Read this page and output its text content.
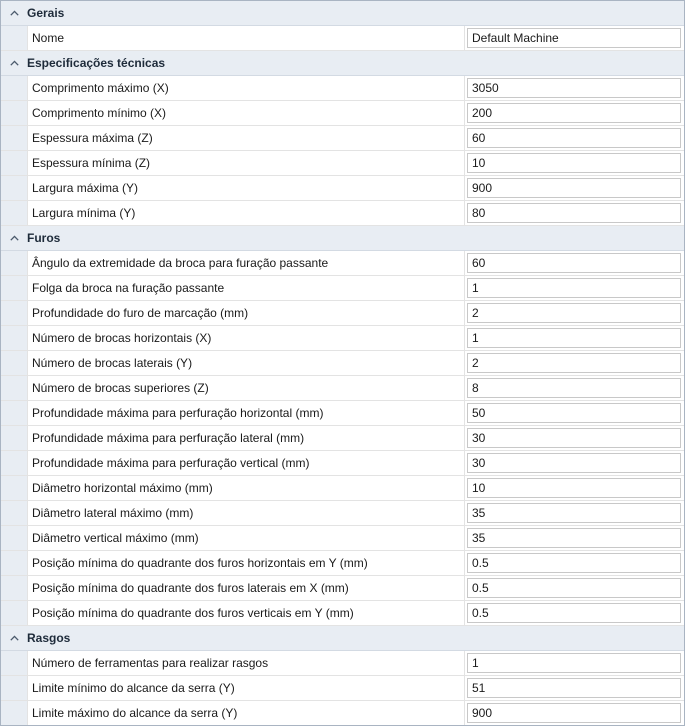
Gerais
Nome
Default Machine
Especificações técnicas
Comprimento máximo (X)
3050
Comprimento mínimo (X)
200
Espessura máxima (Z)
60
Espessura mínima (Z)
10
Largura máxima (Y)
900
Largura mínima (Y)
80
Furos
Ângulo da extremidade da broca para furação passante
60
Folga da broca na furação passante
1
Profundidade do furo de marcação (mm)
2
Número de brocas horizontais (X)
1
Número de brocas laterais (Y)
2
Número de brocas superiores (Z)
8
Profundidade máxima para perfuração horizontal (mm)
50
Profundidade máxima para perfuração lateral (mm)
30
Profundidade máxima para perfuração vertical (mm)
30
Diâmetro horizontal máximo (mm)
10
Diâmetro lateral máximo (mm)
35
Diâmetro vertical máximo (mm)
35
Posição mínima do quadrante dos furos horizontais em Y (mm)
0.5
Posição mínima do quadrante dos furos laterais em X (mm)
0.5
Posição mínima do quadrante dos furos verticais em Y (mm)
0.5
Rasgos
Número de ferramentas para realizar rasgos
1
Limite mínimo do alcance da serra (Y)
51
Limite máximo do alcance da serra (Y)
900
